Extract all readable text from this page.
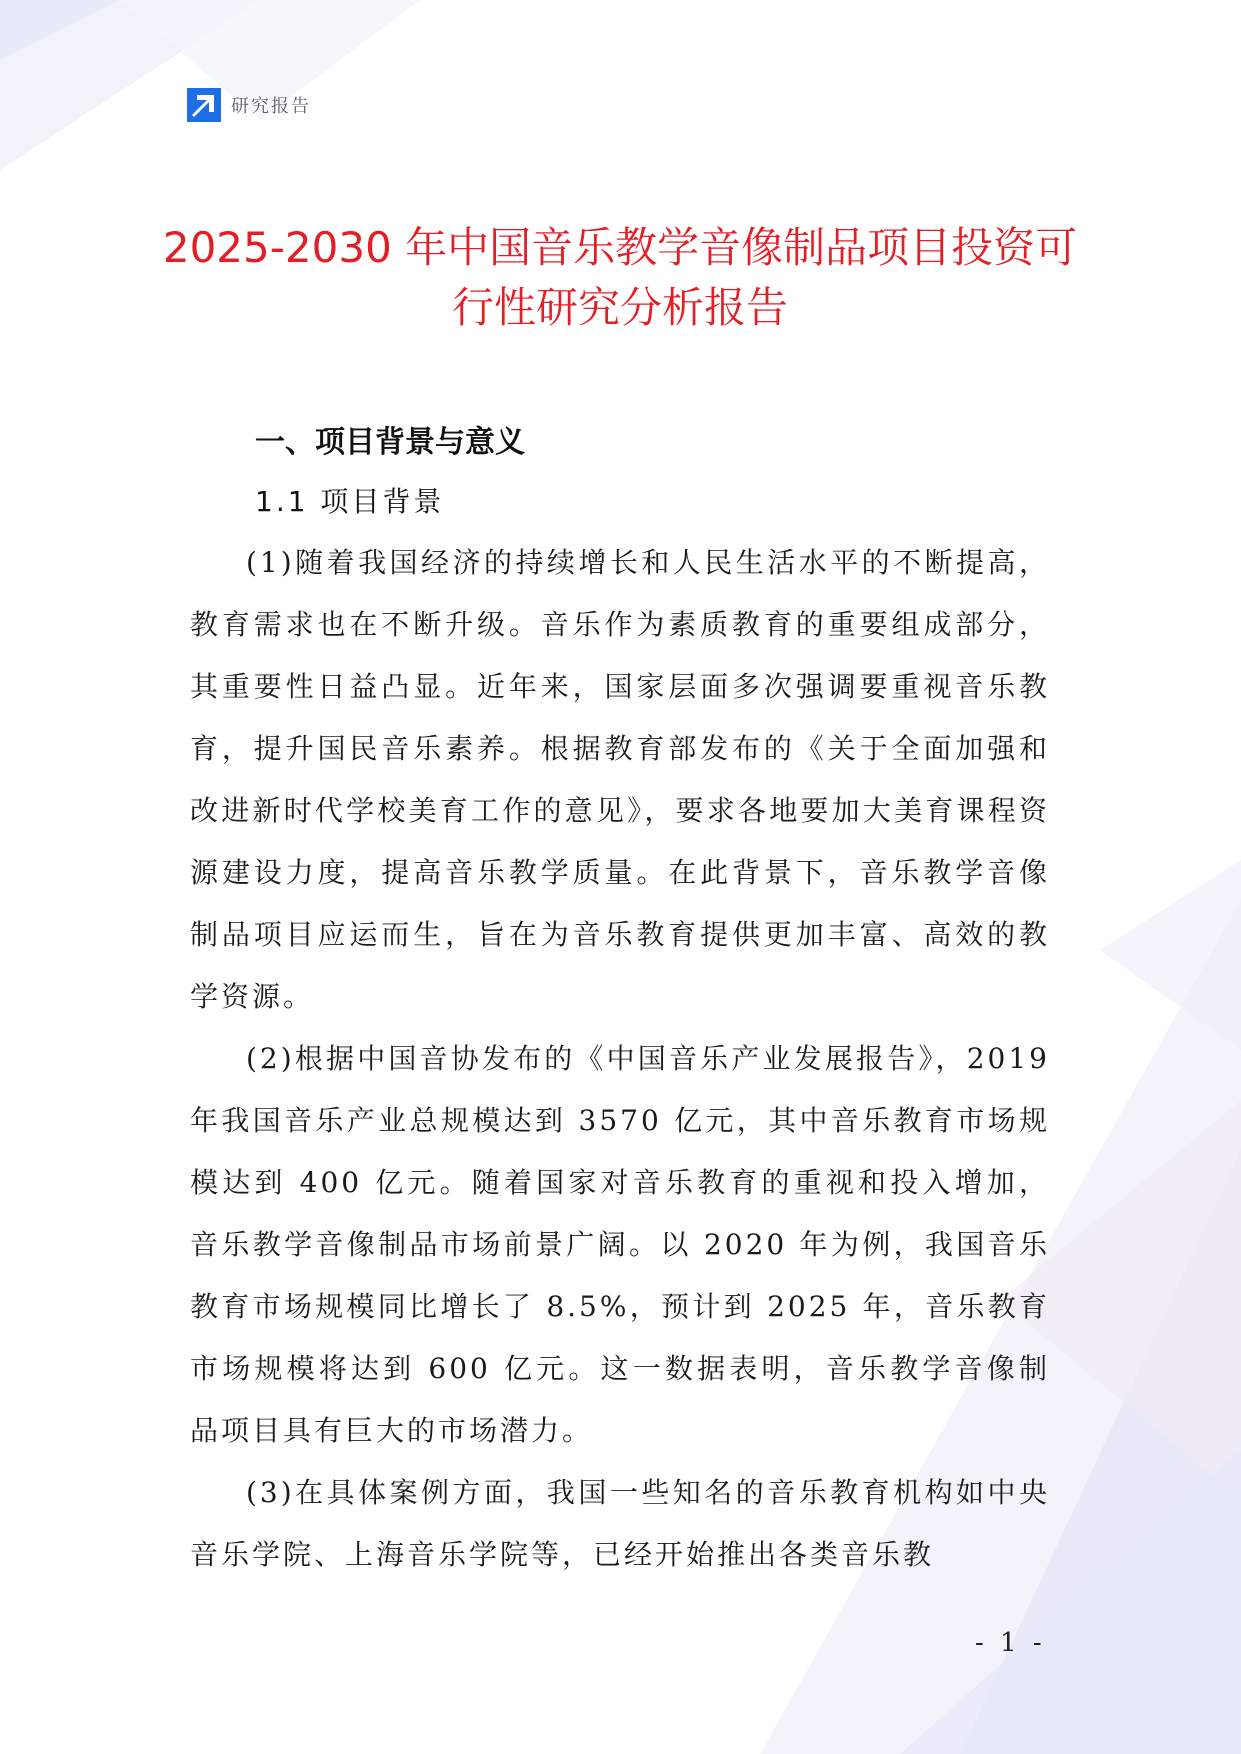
研究报告
2025-2030 年中国音乐教学音像制品项目投资可行性研究分析报告
一、项目背景与意义
1.1 项目背景

(1)随着我国经济的持续增长和人民生活水平的不断提高，教育需求也在不断升级。音乐作为素质教育的重要组成部分，其重要性日益凸显。近年来，国家层面多次强调要重视音乐教育，提升国民音乐素养。根据教育部发布的《关于全面加强和改进新时代学校美育工作的意见》，要求各地要加大美育课程资源建设力度，提高音乐教学质量。在此背景下，音乐教学音像制品项目应运而生，旨在为音乐教育提供更加丰富、高效的教学资源。

(2)根据中国音协发布的《中国音乐产业发展报告》，2019 年我国音乐产业总规模达到 3570 亿元，其中音乐教育市场规模达到 400 亿元。随着国家对音乐教育的重视和投入增加，音乐教学音像制品市场前景广阔。以 2020 年为例，我国音乐教育市场规模同比增长了 8.5%，预计到 2025 年，音乐教育市场规模将达到 600 亿元。这一数据表明，音乐教学音像制品项目具有巨大的市场潜力。

(3)在具体案例方面，我国一些知名的音乐教育机构如中央音乐学院、上海音乐学院等，已经开始推出各类音乐教

- 1 -
